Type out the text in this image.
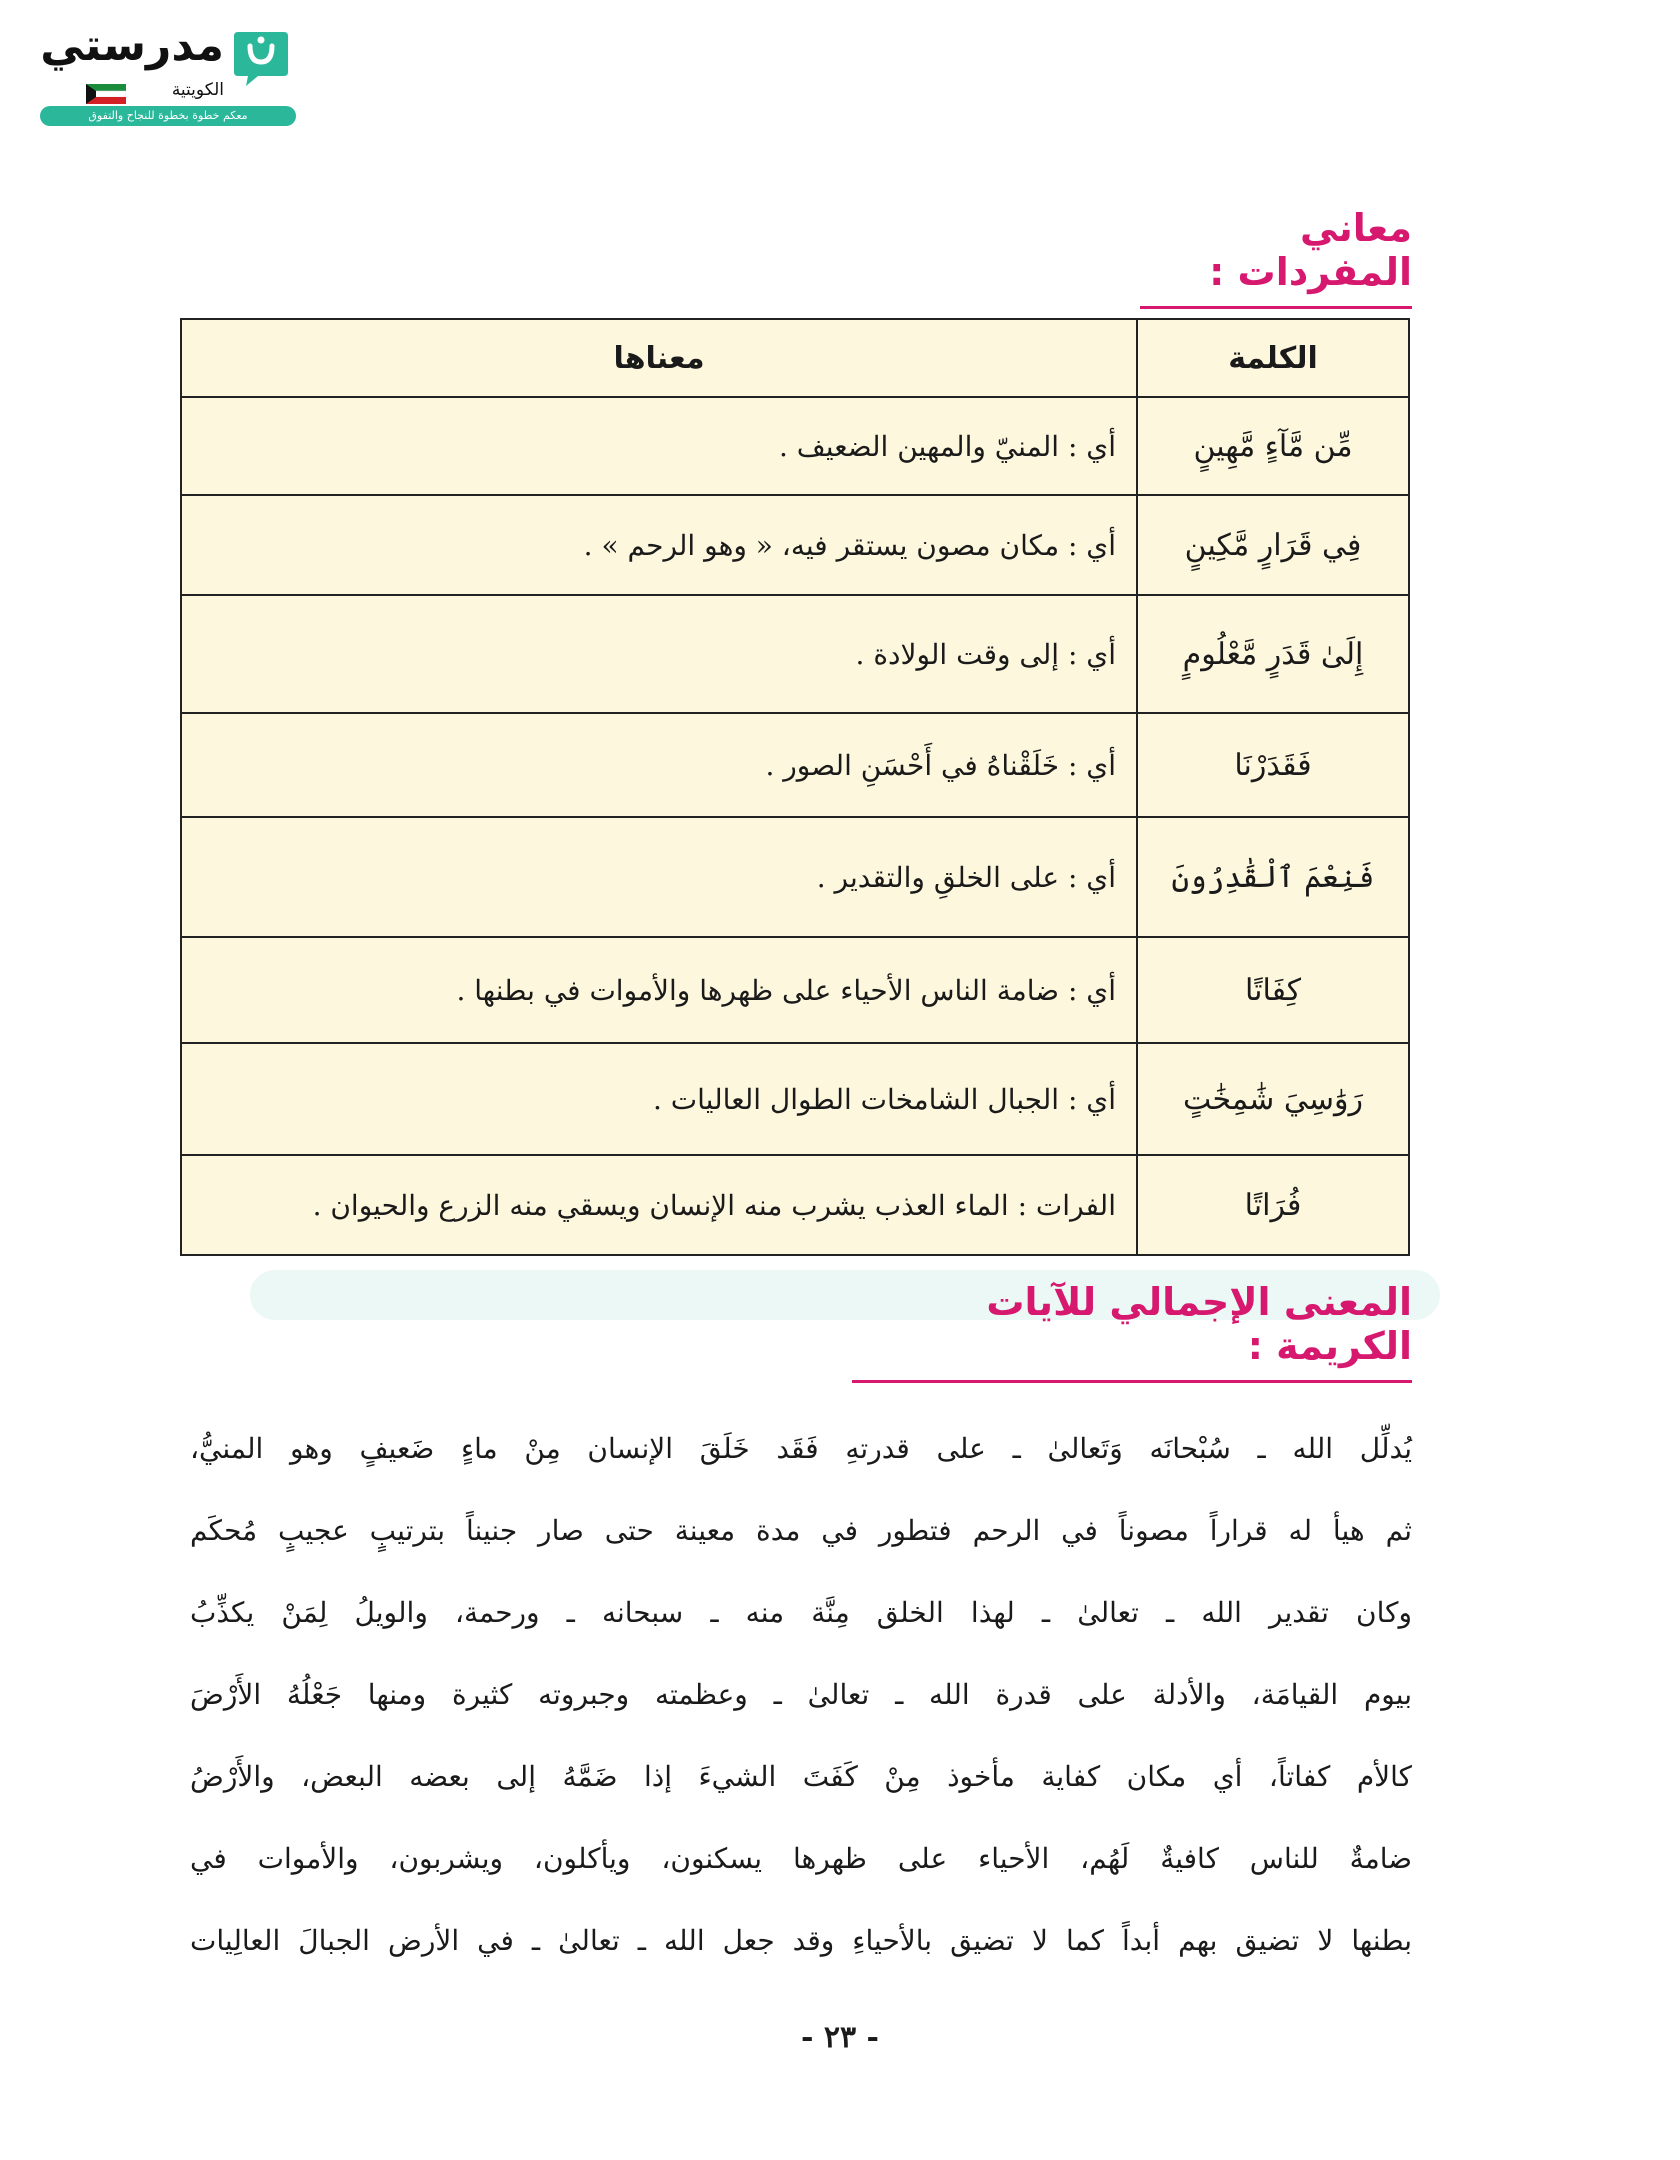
مدرستي
الكويتية
معكم خطوة بخطوة للنجاح والتفوق
معاني المفردات :
الكلمة	معناها
مِّن مَّآءٍ مَّهِينٍ	أي : المنيّ والمهين الضعيف .
فِي قَرَارٍ مَّكِينٍ	أي : مكان مصون يستقر فيه، « وهو الرحم » .
إِلَىٰ قَدَرٍ مَّعْلُومٍ	أي : إلى وقت الولادة .
فَقَدَرْنَا	أي : خَلَقْناهُ في أَحْسَنِ الصور .
فَنِعْمَ ٱلْقَٰدِرُونَ	أي : على الخلقِ والتقدير .
كِفَاتًا	أي : ضامة الناس الأحياء على ظهرها والأموات في بطنها .
رَوَٰسِيَ شَٰمِخَٰتٍ	أي : الجبال الشامخات الطوال العاليات .
فُرَاتًا	الفرات : الماء العذب يشرب منه الإنسان ويسقي منه الزرع والحيوان .
المعنى الإجمالي للآيات الكريمة :
يُدلِّل الله ـ سُبْحانَه وَتَعالىٰ ـ على قدرتهِ فَقَد خَلَقَ الإنسان مِنْ ماءٍ ضَعيفٍ وهو المنيُّ،
ثم هيأ له قراراً مصوناً في الرحم فتطور في مدة معينة حتى صار جنيناً بترتيبٍ عجيبٍ مُحكَم
وكان تقدير الله ـ تعالىٰ ـ لهذا الخلق مِنَّة منه ـ سبحانه ـ ورحمة، والويلُ لِمَنْ يكذِّبُ
بيوم القيامَة، والأدلة على قدرة الله ـ تعالىٰ ـ وعظمته وجبروته كثيرة ومنها جَعْلُهُ الأَرْضَ
كالأم كفاتاً، أي مكان كفاية مأخوذ مِنْ كَفَتَ الشيءَ إذا ضَمَّهُ إلى بعضه البعض، والأَرْضُ
ضامةٌ للناس كافيةٌ لَهُم، الأحياء على ظهرها يسكنون، ويأكلون، ويشربون، والأموات في
بطنها لا تضيق بهم أبداً كما لا تضيق بالأحياءِ وقد جعل الله ـ تعالىٰ ـ في الأرض الجبالَ العالِيات
- ٢٣ -
